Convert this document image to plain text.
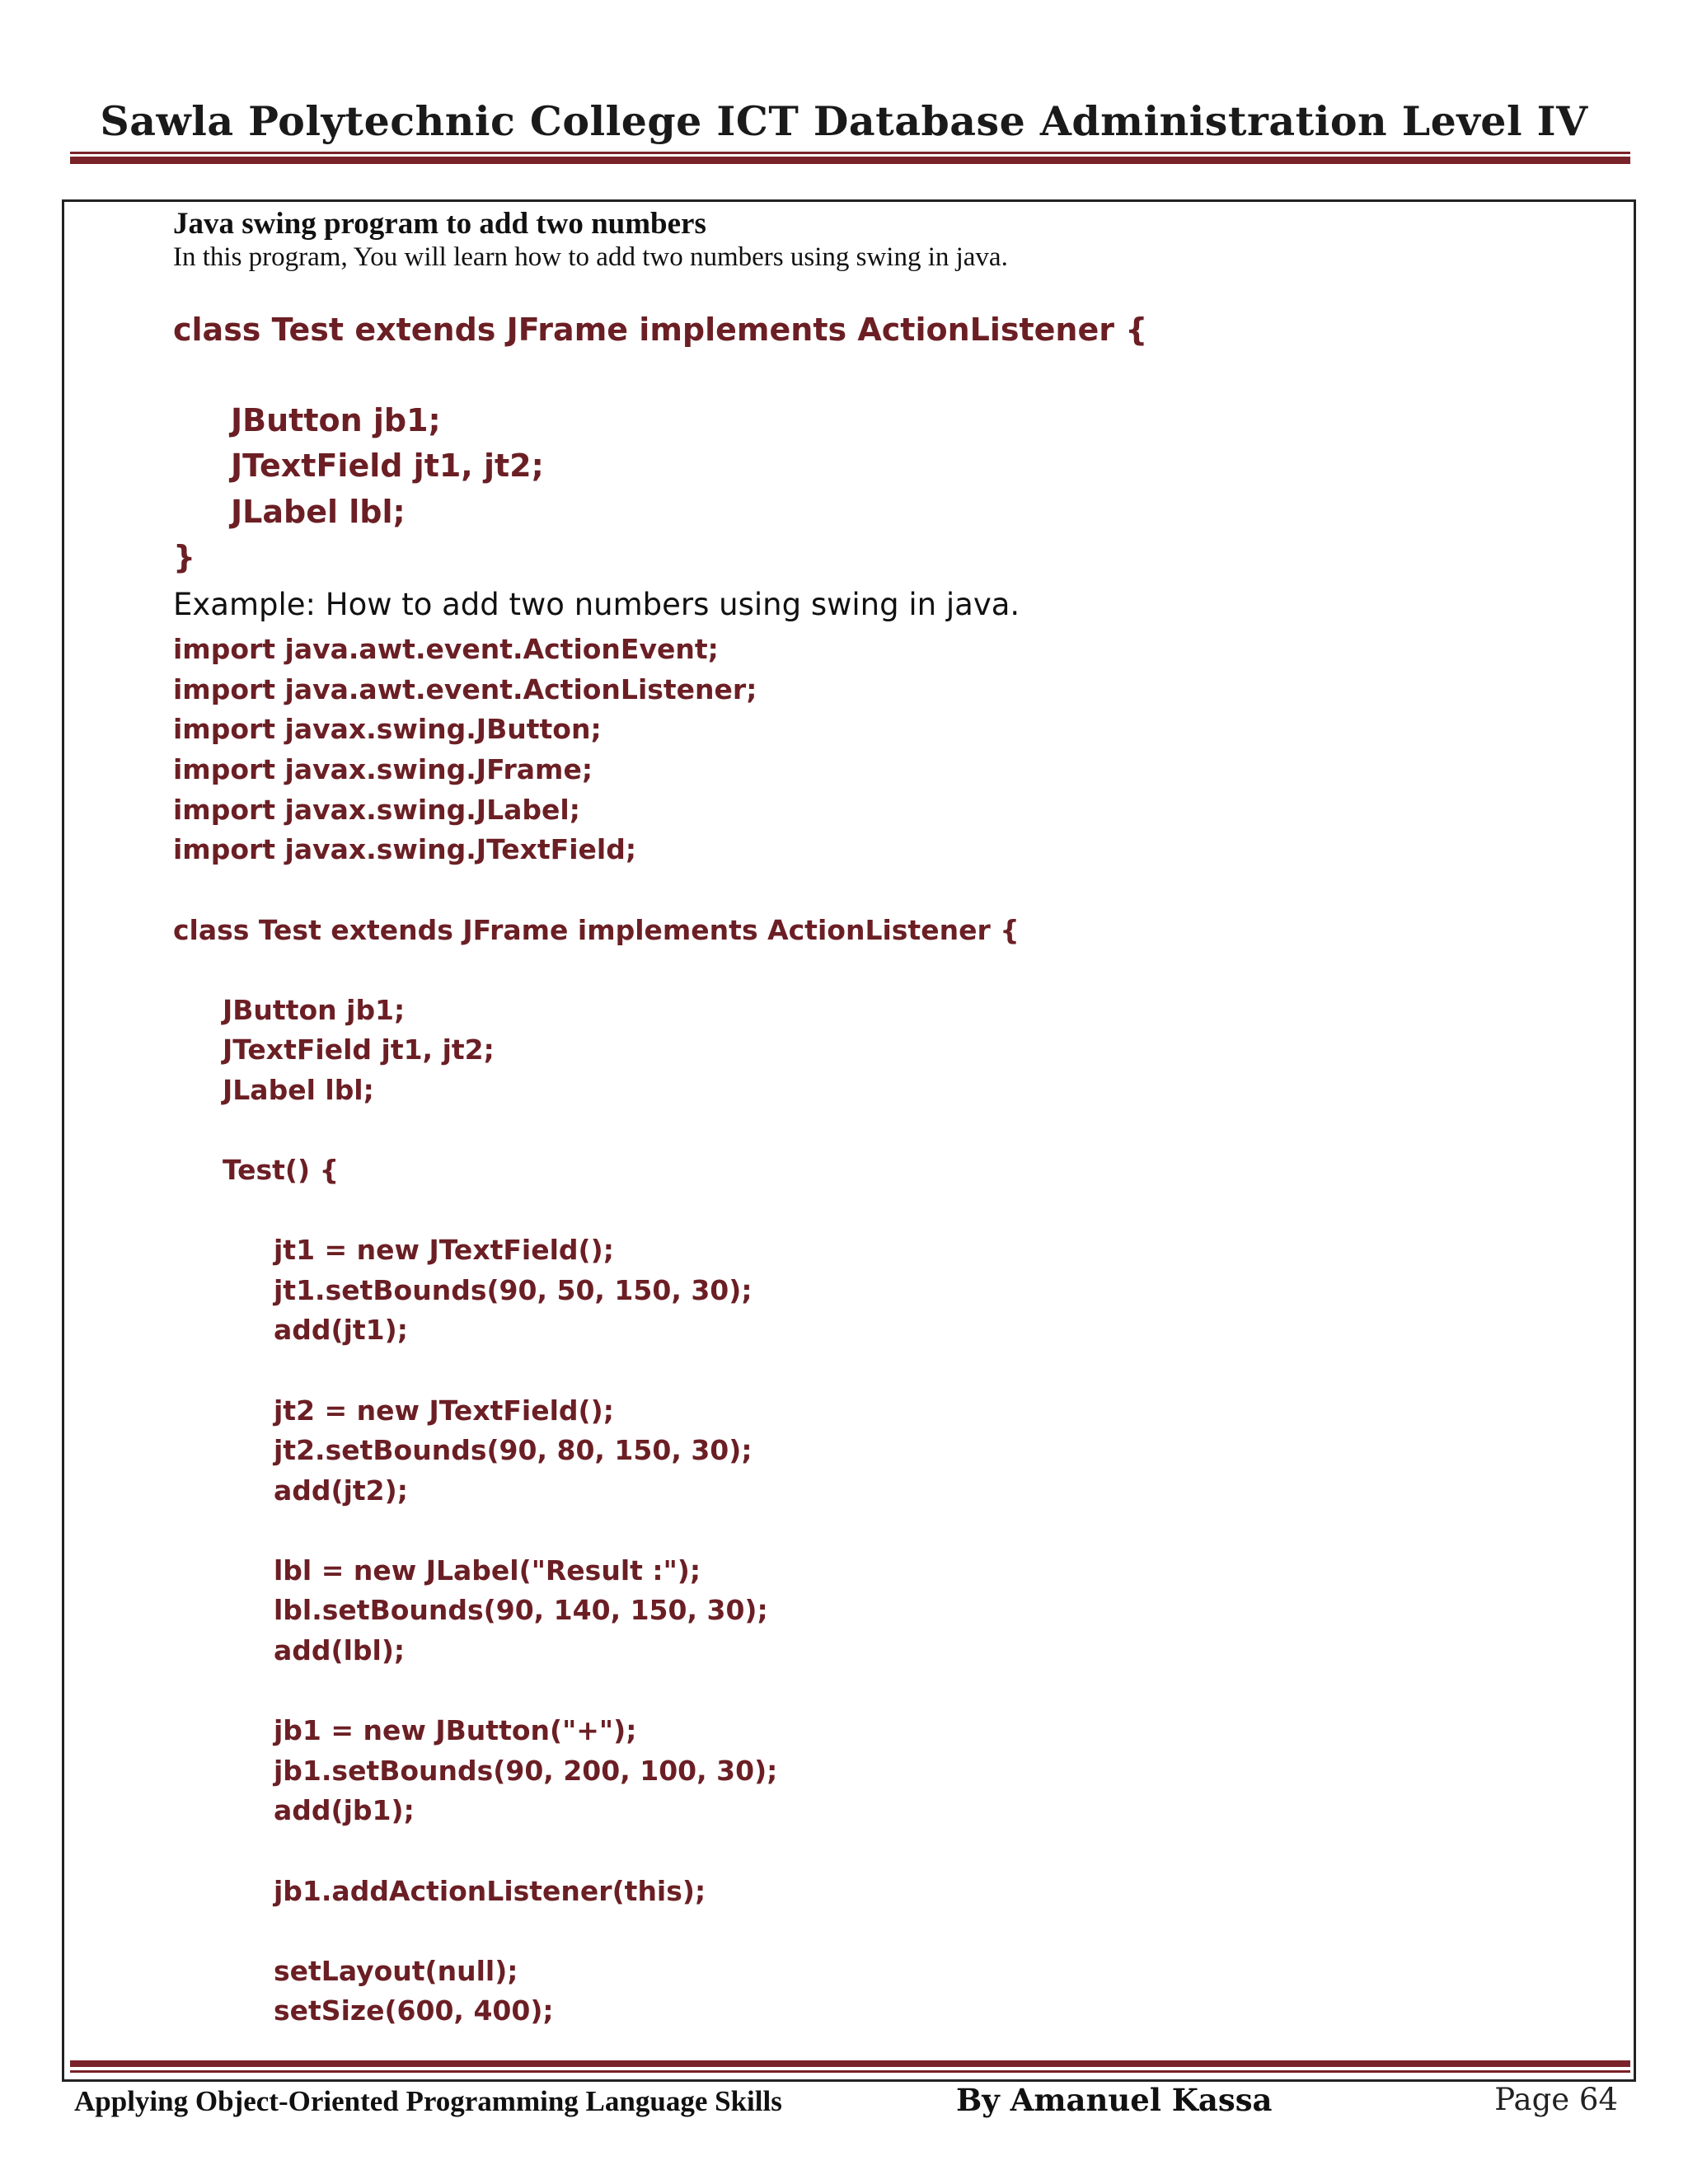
Sawla Polytechnic College ICT Database Administration Level IV
Java swing program to add two numbers
In this program, You will learn how to add two numbers using swing in java.
class Test extends JFrame implements ActionListener {
JButton jb1;
JTextField jt1, jt2;
JLabel lbl;
}
Example: How to add two numbers using swing in java.
import java.awt.event.ActionEvent;
import java.awt.event.ActionListener;
import javax.swing.JButton;
import javax.swing.JFrame;
import javax.swing.JLabel;
import javax.swing.JTextField;
class Test extends JFrame implements ActionListener {
JButton jb1;
JTextField jt1, jt2;
JLabel lbl;
Test() {
jt1 = new JTextField();
jt1.setBounds(90, 50, 150, 30);
add(jt1);
jt2 = new JTextField();
jt2.setBounds(90, 80, 150, 30);
add(jt2);
lbl = new JLabel("Result :");
lbl.setBounds(90, 140, 150, 30);
add(lbl);
jb1 = new JButton("+");
jb1.setBounds(90, 200, 100, 30);
add(jb1);
jb1.addActionListener(this);
setLayout(null);
setSize(600, 400);
Applying Object-Oriented Programming Language Skills	By Amanuel Kassa	Page 64
